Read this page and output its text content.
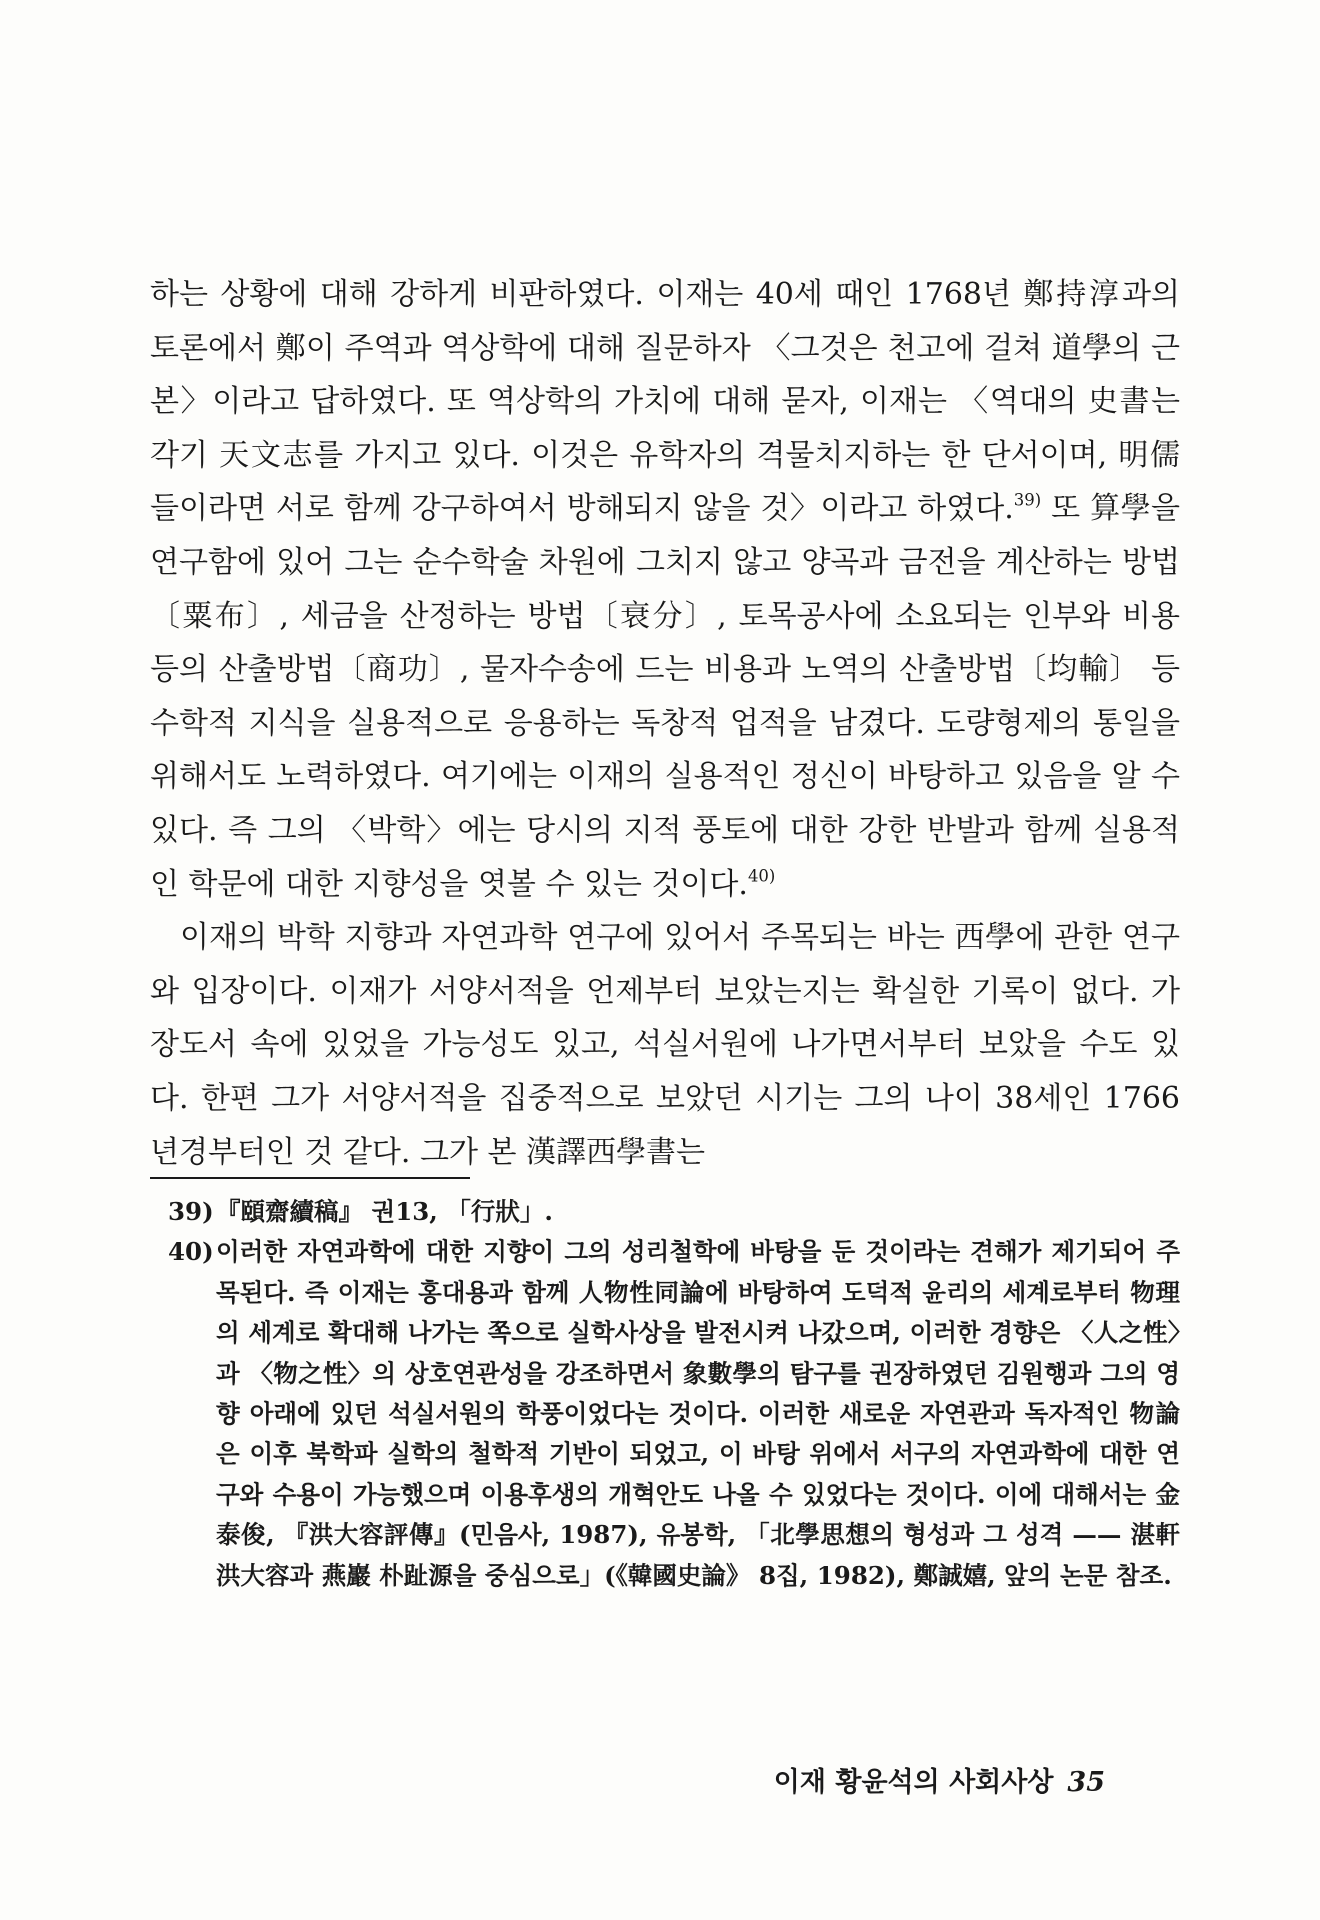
하는 상황에 대해 강하게 비판하였다. 이재는 40세 때인 1768년 鄭持淳과의 토론에서 鄭이 주역과 역상학에 대해 질문하자 〈그것은 천고에 걸쳐 道學의 근본〉이라고 답하였다. 또 역상학의 가치에 대해 묻자, 이재는 〈역대의 史書는 각기 天文志를 가지고 있다. 이것은 유학자의 격물치지하는 한 단서이며, 明儒들이라면 서로 함께 강구하여서 방해되지 않을 것〉이라고 하였다.$^{39)}$ 또 算學을 연구함에 있어 그는 순수학술 차원에 그치지 않고 양곡과 금전을 계산하는 방법〔粟布〕, 세금을 산정하는 방법〔衰分〕, 토목공사에 소요되는 인부와 비용 등의 산출방법〔商功〕, 물자수송에 드는 비용과 노역의 산출방법〔均輸〕 등 수학적 지식을 실용적으로 응용하는 독창적 업적을 남겼다. 도량형제의 통일을 위해서도 노력하였다. 여기에는 이재의 실용적인 정신이 바탕하고 있음을 알 수 있다. 즉 그의 〈박학〉에는 당시의 지적 풍토에 대한 강한 반발과 함께 실용적인 학문에 대한 지향성을 엿볼 수 있는 것이다.$^{40)}$

이재의 박학 지향과 자연과학 연구에 있어서 주목되는 바는 西學에 관한 연구와 입장이다. 이재가 서양서적을 언제부터 보았는지는 확실한 기록이 없다. 가장도서 속에 있었을 가능성도 있고, 석실서원에 나가면서부터 보았을 수도 있다. 한편 그가 서양서적을 집중적으로 보았던 시기는 그의 나이 38세인 1766년경부터인 것 같다. 그가 본 漢譯西學書는

39) 『頤齋續稿』 권13, 「行狀」.
40) 이러한 자연과학에 대한 지향이 그의 성리철학에 바탕을 둔 것이라는 견해가 제기되어 주목된다. 즉 이재는 홍대용과 함께 人物性同論에 바탕하여 도덕적 윤리의 세계로부터 物理의 세계로 확대해 나가는 쪽으로 실학사상을 발전시켜 나갔으며, 이러한 경향은 〈人之性〉과 〈物之性〉의 상호연관성을 강조하면서 象數學의 탐구를 권장하였던 김원행과 그의 영향 아래에 있던 석실서원의 학풍이었다는 것이다. 이러한 새로운 자연관과 독자적인 物論은 이후 북학파 실학의 철학적 기반이 되었고, 이 바탕 위에서 서구의 자연과학에 대한 연구와 수용이 가능했으며 이용후생의 개혁안도 나올 수 있었다는 것이다. 이에 대해서는 金泰俊, 『洪大容評傳』(민음사, 1987), 유봉학, 「北學思想의 형성과 그 성격 —— 湛軒 洪大容과 燕巖 朴趾源을 중심으로」(《韓國史論》 8집, 1982), 鄭誠嬉, 앞의 논문 참조.
이재 황윤석의 사회사상 35
